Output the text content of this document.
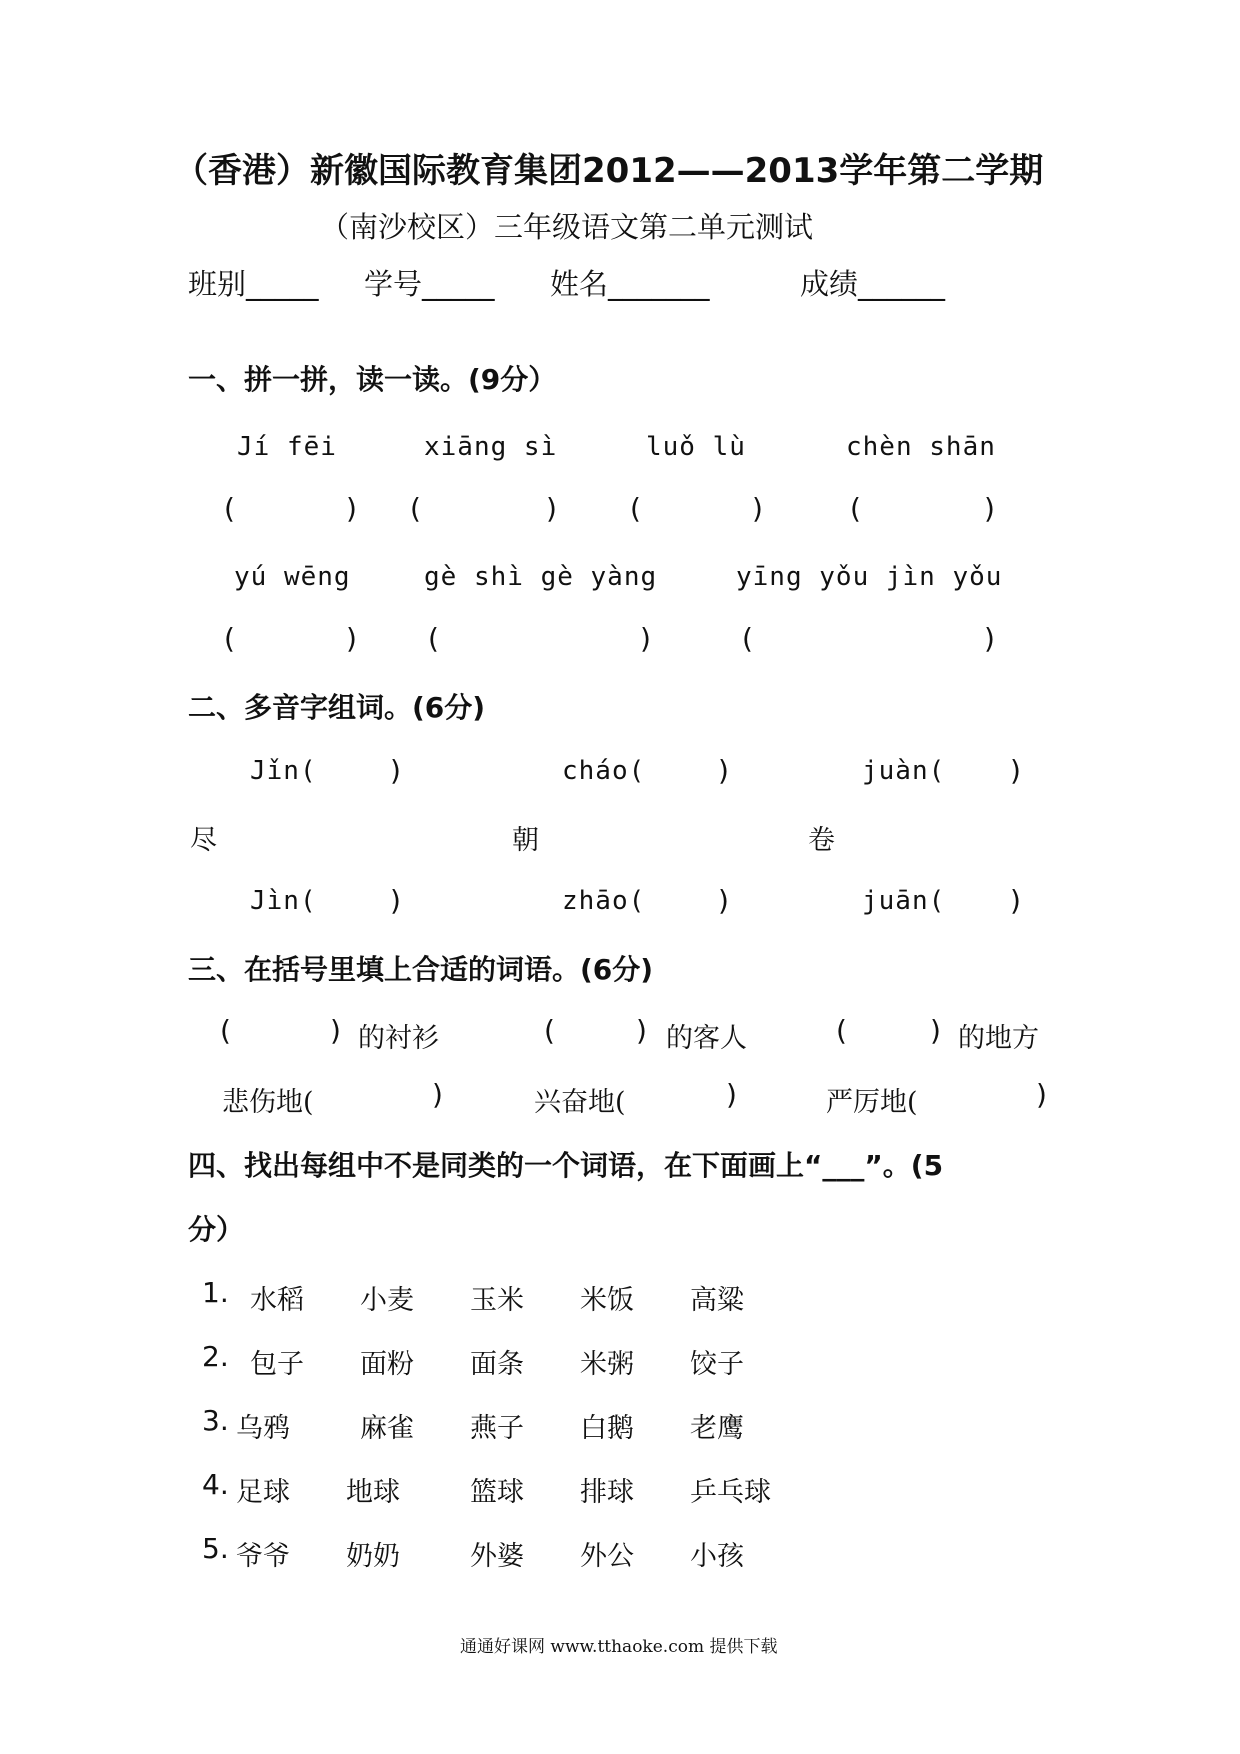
（香港）新徽国际教育集团2012——2013学年第二学期
（南沙校区）三年级语文第二单元测试
班别_____ 学号_____ 姓名_______	成绩______
一、拼一拼，读一读。(9分）
Jí fēi	xiāng sì	luǒ lù	chèn shān
(	) (	)	(	)	(	)
yú wēng	gè shì gè yàng	yīng yǒu jìn yǒu
(	)	(	)	(	)
二、多音字组词。(6分)
Jǐn(	)	cháo(	)	juàn( )
尽	朝	卷
Jìn(	)	zhāo(	)	juān( )
三、在括号里填上合适的词语。(6分)
(	) 的衬衫	(	) 的客人	(	) 的地方
悲伤地(	)	兴奋地(	)	严厉地(	)
四、找出每组中不是同类的一个词语，在下面画上“___”。(5
分）
1. 水稻 小麦 玉米 米饭 高粱
2. 包子 面粉 面条 米粥 饺子
3. 乌鸦	麻雀 燕子 白鹅 老鹰
4. 足球 地球	篮球 排球 乒乓球
5. 爷爷 奶奶	外婆 外公 小孩
通通好课网 www.tthaoke.com 提供下载
